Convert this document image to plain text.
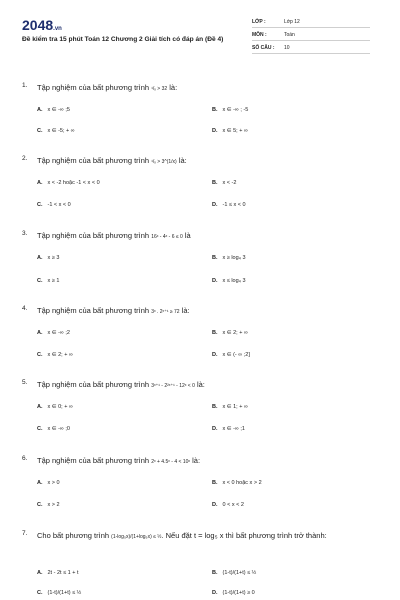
2048.vn
Đề kiểm tra 15 phút Toán 12 Chương 2 Giải tích có đáp án (Đề 4)
LỚP :	Lớp 12
MÔN :	Toán
SỐ CÂU : 10
1. Tập nghiệm của bất phương trình ¹/ₓ > 32 là:
A. x ∈ -∞ ;5	B. x ∈ -∞ ; -5
C. x ∈ -5; + ∞	D. x ∈ 5; + ∞
2. Tập nghiệm của bất phương trình ¹/ₓ > 3^(1/x) là:
A. x < -2 hoặc -1 < x < 0	B. x < -2
C. -1 < x < 0	D. -1 ≤ x < 0
3. Tập nghiệm của bất phương trình 16ˣ - 4ˣ - 6 ≤ 0 là
A. x ≥ 3	B. x ≥ log₄ 3
C. x ≥ 1	D. x ≤ log₄ 3
4. Tập nghiệm của bất phương trình 3ˣ . 2ˣ⁺¹ ≥ 72 là:
A. x ∈ -∞ ;2	B. x ∈ 2; + ∞
C. x ∈ 2; + ∞	D. x ∈ (- ∞ ;2]
5. Tập nghiệm của bất phương trình 3ˣ⁺¹ - 2²ˣ⁺¹ - 12ˣ < 0 là:
A. x ∈ 0; + ∞	B. x ∈ 1; + ∞
C. x ∈ -∞ ;0	D. x ∈ -∞ ;1
6. Tập nghiệm của bất phương trình 2ˣ + 4.5ˣ - 4 < 10ˣ là:
A. x > 0	B. x < 0 hoặc x > 2
C. x > 2	D. 0 < x < 2
7. Cho bất phương trình (1-log₅x)/(1+log₅x) ≤ ½. Nếu đặt t = log₅ x thì bất phương trình trở thành:
A. 2t - 2t ≤ 1 + t	B. (1-t)/(1+t) ≤ ½
C. (1-t)/(1+t) ≤ ½	D. (1-t)/(1+t) ≥ 0
